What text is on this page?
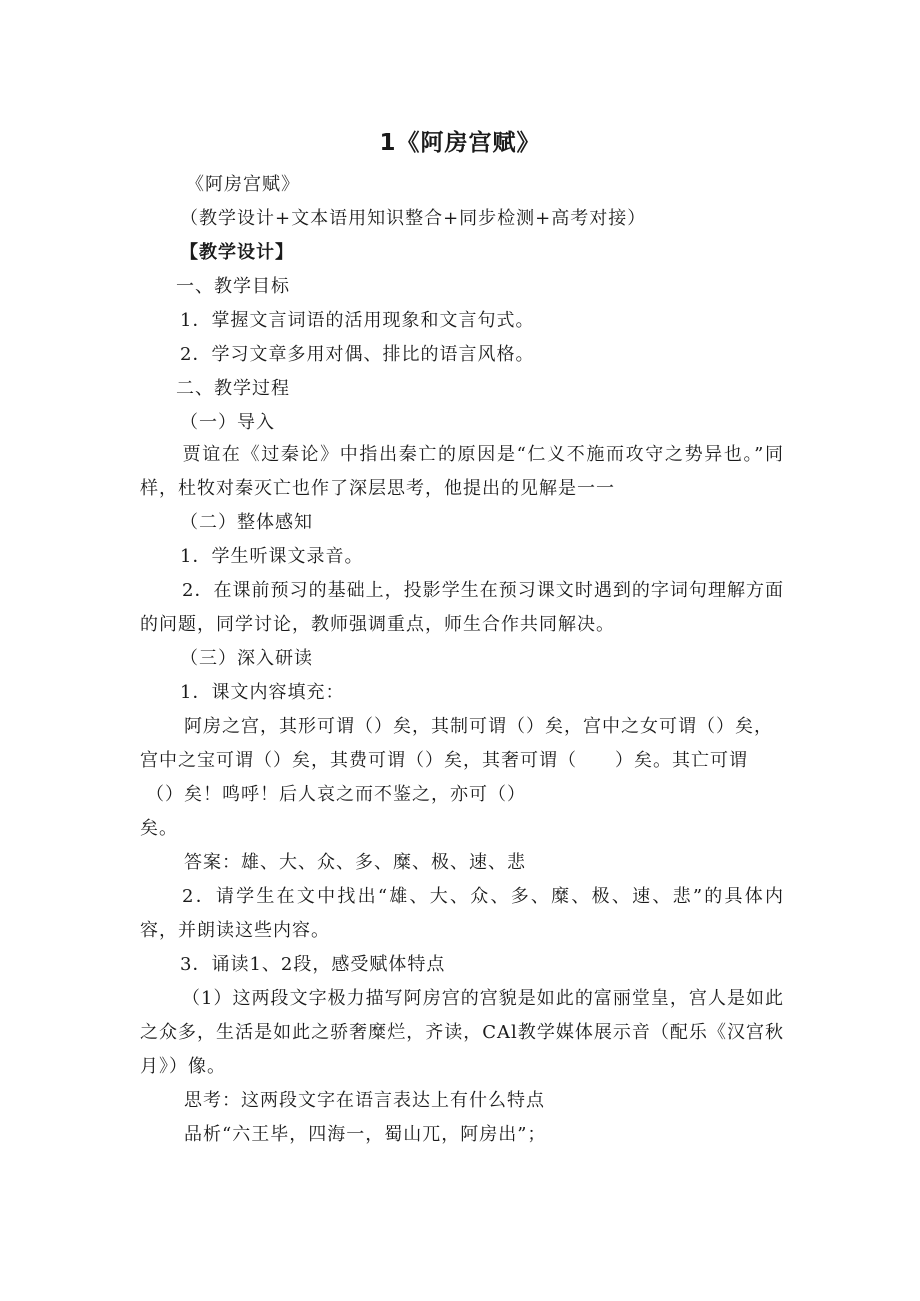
1《阿房宫赋》
《阿房宫赋》
（教学设计+文本语用知识整合+同步检测+高考对接）
【教学设计】
一、教学目标
1．掌握文言词语的活用现象和文言句式。
2．学习文章多用对偶、排比的语言风格。
二、教学过程
（一）导入
贾谊在《过秦论》中指出秦亡的原因是“仁义不施而攻守之势异也。”同样，杜牧对秦灭亡也作了深层思考，他提出的见解是一一
（二）整体感知
1．学生听课文录音。
2．在课前预习的基础上，投影学生在预习课文时遇到的字词句理解方面的问题，同学讨论，教师强调重点，师生合作共同解决。
（三）深入研读
1．课文内容填充：
阿房之宫，其形可谓（）矣，其制可谓（）矣，宫中之女可谓（）矣，
宫中之宝可谓（）矣，其费可谓（）矣，其奢可谓（　　）矣。其亡可谓
（）矣！鸣呼！后人哀之而不鉴之，亦可（）
矣。
答案：雄、大、众、多、糜、极、速、悲
2．请学生在文中找出“雄、大、众、多、糜、极、速、悲”的具体内容，并朗读这些内容。
3．诵读1、2段，感受赋体特点
（1）这两段文字极力描写阿房宫的宫貌是如此的富丽堂皇，宫人是如此之众多，生活是如此之骄奢糜烂，齐读，CAl教学媒体展示音（配乐《汉宫秋月》）像。
思考：这两段文字在语言表达上有什么特点
品析“六王毕，四海一，蜀山兀，阿房出”；
